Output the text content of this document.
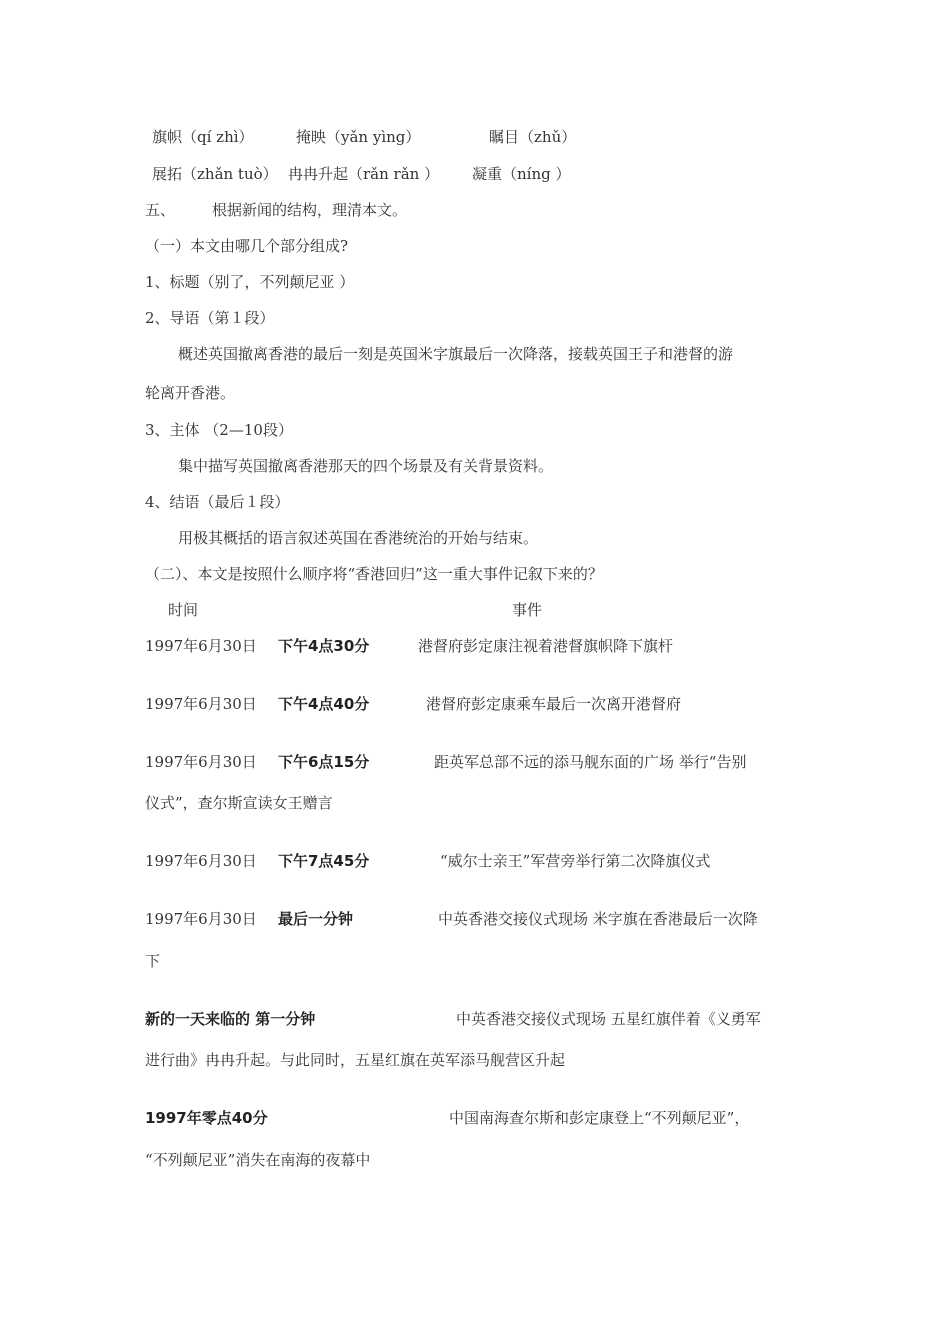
旗帜（qí zhì）	掩映（yǎn yìng）	瞩目（zhǔ）
展拓（zhǎn tuò） 冉冉升起（rǎn rǎn ） 凝重（níng ）
五、 根据新闻的结构，理清本文。
（一）本文由哪几个部分组成?
1、标题（别了，不列颠尼亚 ）
2、导语（第１段）
概述英国撤离香港的最后一刻是英国米字旗最后一次降落，接载英国王子和港督的游
轮离开香港。
3、主体 （2—10段）
集中描写英国撤离香港那天的四个场景及有关背景资料。
4、结语（最后１段）
用极其概括的语言叙述英国在香港统治的开始与结束。
（二）、本文是按照什么顺序将“香港回归”这一重大事件记叙下来的？
时间	事件
1997年6月30日 下午4点30分	港督府彭定康注视着港督旗帜降下旗杆
1997年6月30日 下午4点40分	港督府彭定康乘车最后一次离开港督府
1997年6月30日 下午6点15分	距英军总部不远的添马舰东面的广场 举行“告别
仪式”，查尔斯宣读女王赠言
1997年6月30日 下午7点45分	“威尔士亲王”军营旁举行第二次降旗仪式
1997年6月30日 最后一分钟	中英香港交接仪式现场 米字旗在香港最后一次降
下
新的一天来临的 第一分钟	中英香港交接仪式现场 五星红旗伴着《义勇军
进行曲》冉冉升起。与此同时，五星红旗在英军添马舰营区升起
1997年零点40分	中国南海查尔斯和彭定康登上“不列颠尼亚”，
“不列颠尼亚”消失在南海的夜幕中
